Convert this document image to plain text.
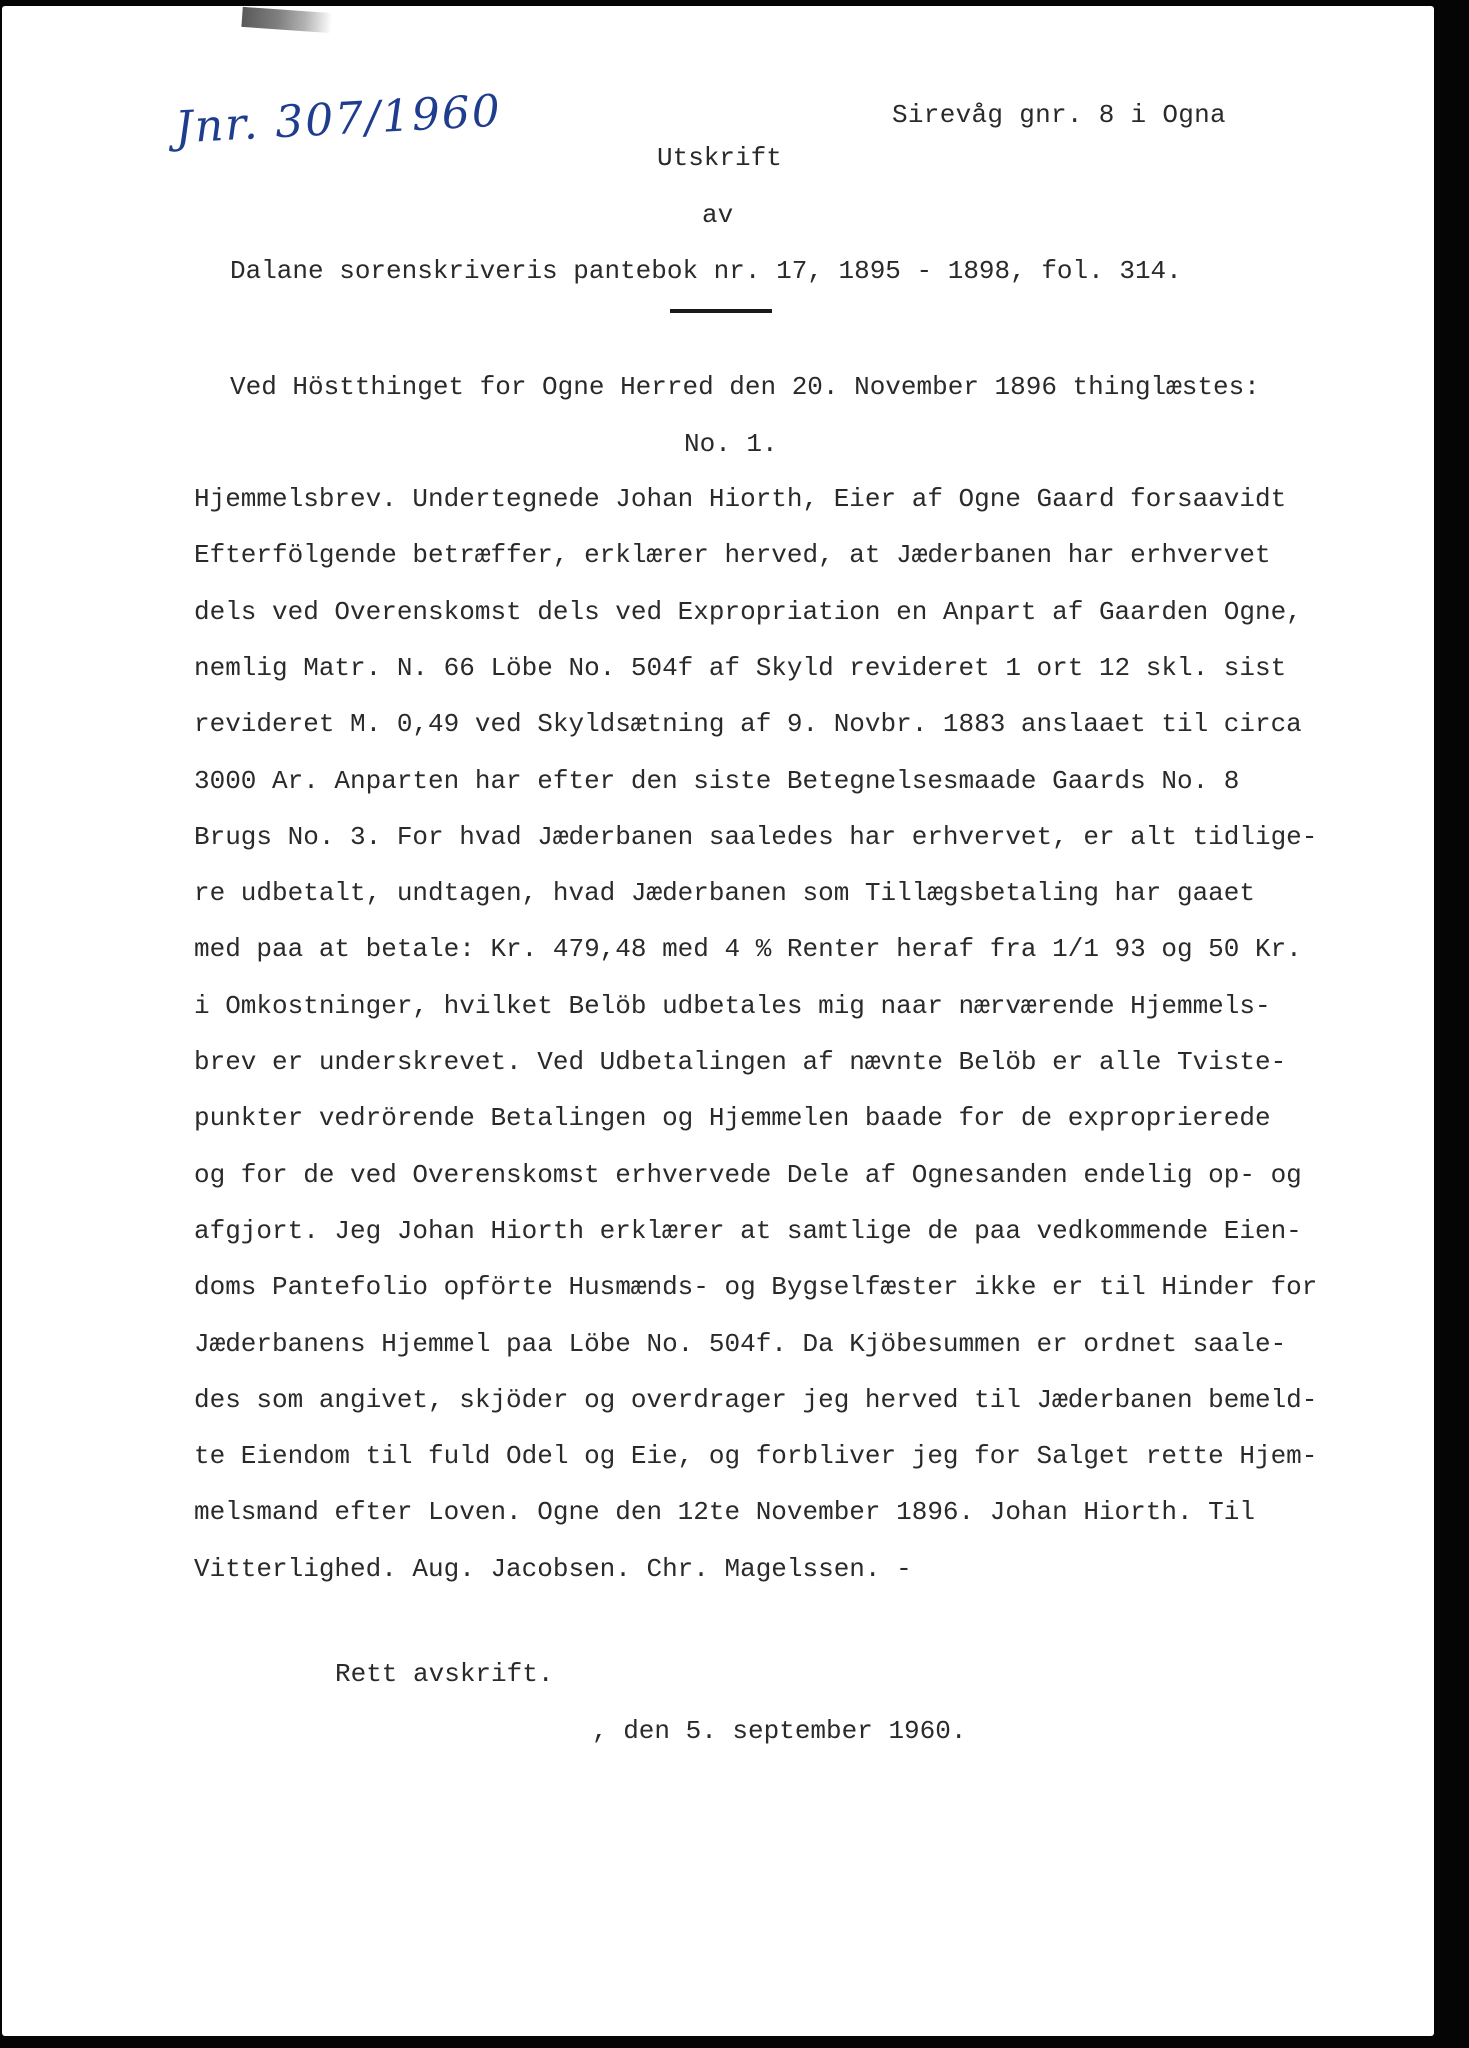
Jnr. 307/1960	Sirevåg gnr. 8 i Ogna
Utskrift
av
Dalane sorenskriveris pantebok nr. 17, 1895 - 1898, fol. 314.
Ved Höstthinget for Ogne Herred den 20. November 1896 thinglæstes:
No. 1.
Hjemmelsbrev. Undertegnede Johan Hiorth, Eier af Ogne Gaard forsaavidt
Efterfölgende betræffer, erklærer herved, at Jæderbanen har erhvervet
dels ved Overenskomst dels ved Expropriation en Anpart af Gaarden Ogne,
nemlig Matr. N. 66 Löbe No. 504f af Skyld revideret 1 ort 12 skl. sist
revideret M. 0,49 ved Skyldsætning af 9. Novbr. 1883 anslaaet til circa
3000 Ar. Anparten har efter den siste Betegnelsesmaade Gaards No. 8
Brugs No. 3. For hvad Jæderbanen saaledes har erhvervet, er alt tidlige-
re udbetalt, undtagen, hvad Jæderbanen som Tillægsbetaling har gaaet
med paa at betale: Kr. 479,48 med 4 % Renter heraf fra 1/1 93 og 50 Kr.
i Omkostninger, hvilket Belöb udbetales mig naar nærværende Hjemmels-
brev er underskrevet. Ved Udbetalingen af nævnte Belöb er alle Tviste-
punkter vedrörende Betalingen og Hjemmelen baade for de exproprierede
og for de ved Overenskomst erhvervede Dele af Ognesanden endelig op- og
afgjort. Jeg Johan Hiorth erklærer at samtlige de paa vedkommende Eien-
doms Pantefolio opförte Husmænds- og Bygselfæster ikke er til Hinder for
Jæderbanens Hjemmel paa Löbe No. 504f. Da Kjöbesummen er ordnet saale-
des som angivet, skjöder og overdrager jeg herved til Jæderbanen bemeld-
te Eiendom til fuld Odel og Eie, og forbliver jeg for Salget rette Hjem-
melsmand efter Loven. Ogne den 12te November 1896. Johan Hiorth. Til
Vitterlighed. Aug. Jacobsen. Chr. Magelssen. -
Rett avskrift.
, den 5. september 1960.
